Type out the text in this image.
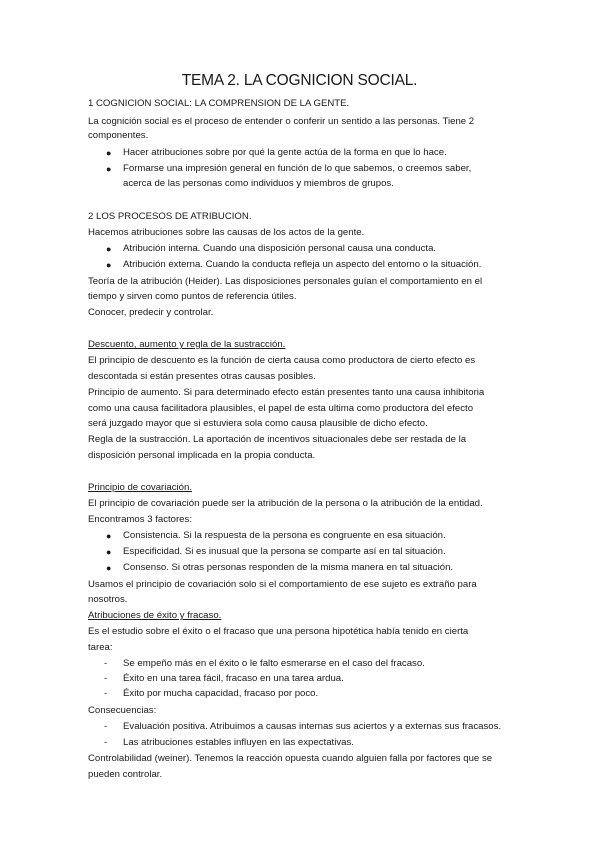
TEMA 2. LA COGNICION SOCIAL.
1 COGNICION SOCIAL: LA COMPRENSION DE LA GENTE.
La cognición social es el proceso de entender o conferir un sentido a las personas. Tiene 2
componentes.
● Hacer atribuciones sobre por qué la gente actúa de la forma en que lo hace.
● Formarse una impresión general en función de lo que sabemos, o creemos saber,
acerca de las personas como individuos y miembros de grupos.
2 LOS PROCESOS DE ATRIBUCION.
Hacemos atribuciones sobre las causas de los actos de la gente.
● Atribución interna. Cuando una disposición personal causa una conducta.
● Atribución externa. Cuando la conducta refleja un aspecto del entorno o la situación.
Teoría de la atribución (Heider). Las disposiciones personales guían el comportamiento en el
tiempo y sirven como puntos de referencia útiles.
Conocer, predecir y controlar.
Descuento, aumento y regla de la sustracción.
El principio de descuento es la función de cierta causa como productora de cierto efecto es
descontada si están presentes otras causas posibles.
Principio de aumento. Si para determinado efecto están presentes tanto una causa inhibitoria
como una causa facilitadora plausibles, el papel de esta ultima como productora del efecto
será juzgado mayor que si estuviera sola como causa plausible de dicho efecto.
Regla de la sustracción. La aportación de incentivos situacionales debe ser restada de la
disposición personal implicada en la propia conducta.
Principio de covariación.
El principio de covariación puede ser la atribución de la persona o la atribución de la entidad.
Encontramos 3 factores:
● Consistencia. Si la respuesta de la persona es congruente en esa situación.
● Especificidad. Si es inusual que la persona se comparte así en tal situación.
● Consenso. Si otras personas responden de la misma manera en tal situación.
Usamos el principio de covariación solo si el comportamiento de ese sujeto es extraño para
nosotros.
Atribuciones de éxito y fracaso.
Es el estudio sobre el éxito o el fracaso que una persona hipotética había tenido en cierta
tarea:
- Se empeño más en el éxito o le falto esmerarse en el caso del fracaso.
- Éxito en una tarea fácil, fracaso en una tarea ardua.
- Éxito por mucha capacidad, fracaso por poco.
Consecuencias:
- Evaluación positiva. Atribuimos a causas internas sus aciertos y a externas sus fracasos.
- Las atribuciones estables influyen en las expectativas.
Controlabilidad (weiner). Tenemos la reacción opuesta cuando alguien falla por factores que se
pueden controlar.
